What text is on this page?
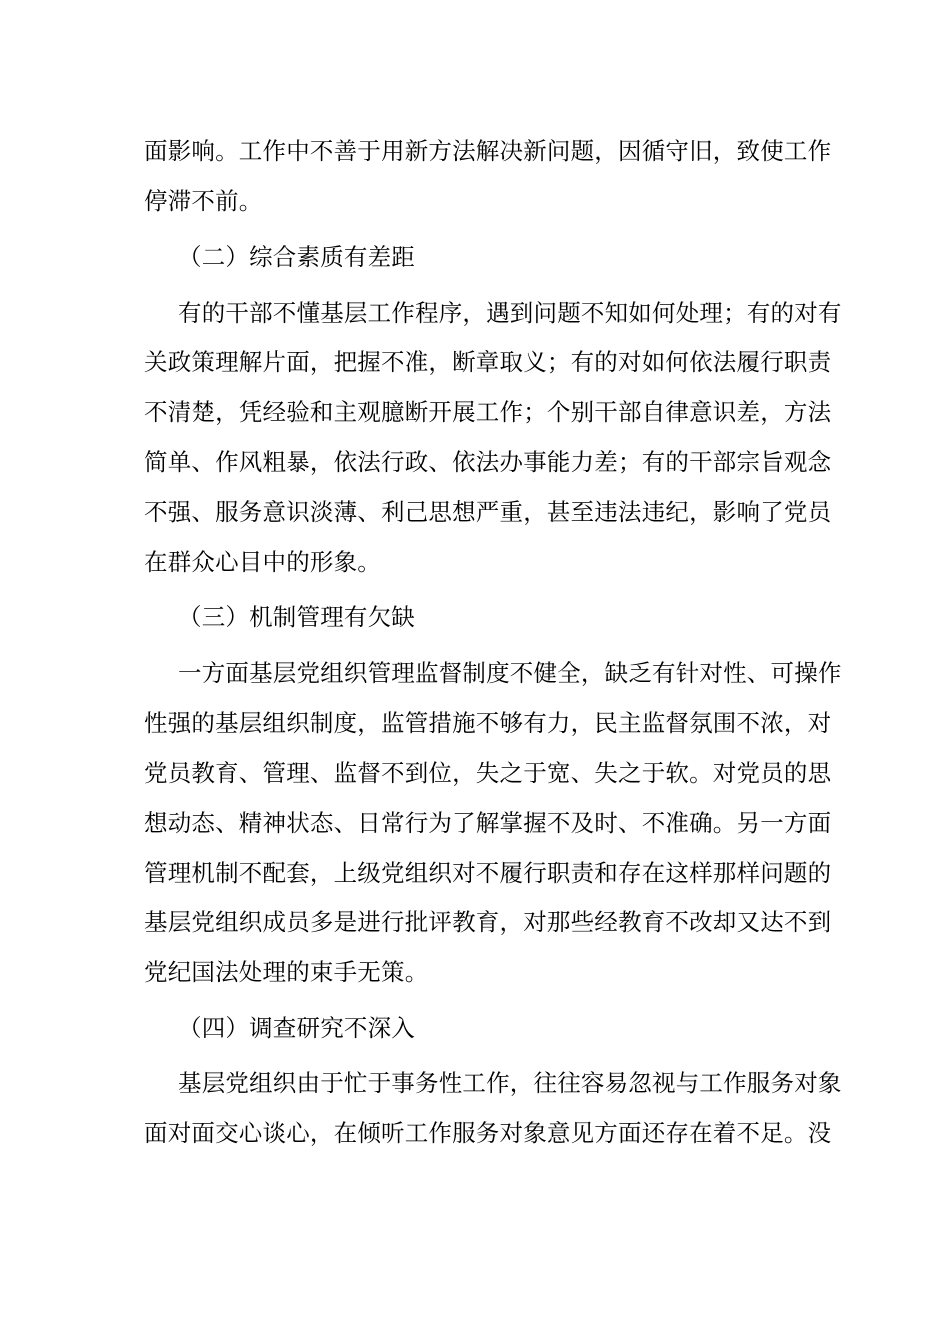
面影响。工作中不善于用新方法解决新问题，因循守旧，致使工作
停滞不前。
（二）综合素质有差距
有的干部不懂基层工作程序，遇到问题不知如何处理；有的对有
关政策理解片面，把握不准，断章取义；有的对如何依法履行职责
不清楚，凭经验和主观臆断开展工作；个别干部自律意识差，方法
简单、作风粗暴，依法行政、依法办事能力差；有的干部宗旨观念
不强、服务意识淡薄、利己思想严重，甚至违法违纪，影响了党员
在群众心目中的形象。
（三）机制管理有欠缺
一方面基层党组织管理监督制度不健全，缺乏有针对性、可操作
性强的基层组织制度，监管措施不够有力，民主监督氛围不浓，对
党员教育、管理、监督不到位，失之于宽、失之于软。对党员的思
想动态、精神状态、日常行为了解掌握不及时、不准确。另一方面
管理机制不配套，上级党组织对不履行职责和存在这样那样问题的
基层党组织成员多是进行批评教育，对那些经教育不改却又达不到
党纪国法处理的束手无策。
（四）调查研究不深入
基层党组织由于忙于事务性工作，往往容易忽视与工作服务对象
面对面交心谈心，在倾听工作服务对象意见方面还存在着不足。没
